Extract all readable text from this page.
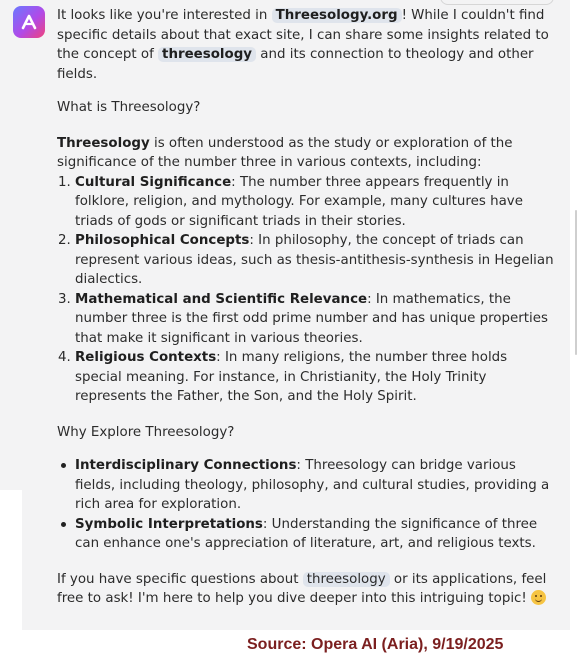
It looks like you're interested in Threesology.org ! While I couldn't find specific details about that exact site, I can share some insights related to the concept of threesology and its connection to theology and other fields.

What is Threesology?

Threesology is often understood as the study or exploration of the significance of the number three in various contexts, including:

1. Cultural Significance: The number three appears frequently in folklore, religion, and mythology. For example, many cultures have triads of gods or significant triads in their stories.
2. Philosophical Concepts: In philosophy, the concept of triads can represent various ideas, such as thesis-antithesis-synthesis in Hegelian dialectics.
3. Mathematical and Scientific Relevance: In mathematics, the number three is the first odd prime number and has unique properties that make it significant in various theories.
4. Religious Contexts: In many religions, the number three holds special meaning. For instance, in Christianity, the Holy Trinity represents the Father, the Son, and the Holy Spirit.

Why Explore Threesology?

Interdisciplinary Connections: Threesology can bridge various fields, including theology, philosophy, and cultural studies, providing a rich area for exploration.
Symbolic Interpretations: Understanding the significance of three can enhance one's appreciation of literature, art, and religious texts.

If you have specific questions about threesology or its applications, feel free to ask! I'm here to help you dive deeper into this intriguing topic!

Source: Opera AI (Aria), 9/19/2025
